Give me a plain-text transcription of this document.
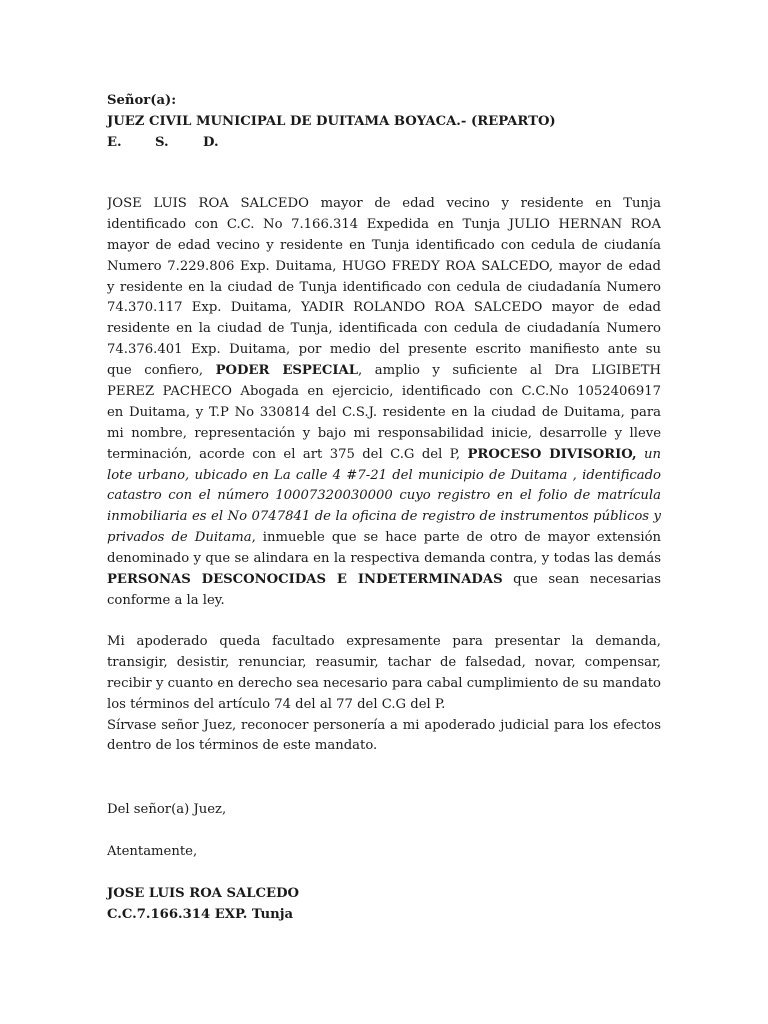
Señor(a):
JUEZ CIVIL MUNICIPAL DE DUITAMA BOYACA.- (REPARTO)
E.	S.	D.
JOSE LUIS ROA SALCEDO mayor de edad vecino y residente en Tunja
identificado con C.C. No 7.166.314 Expedida en Tunja JULIO HERNAN ROA
mayor de edad vecino y residente en Tunja identificado con cedula de ciudanía
Numero 7.229.806 Exp. Duitama, HUGO FREDY ROA SALCEDO, mayor de edad
y residente en la ciudad de Tunja identificado con cedula de ciudadanía Numero
74.370.117 Exp. Duitama, YADIR ROLANDO ROA SALCEDO mayor de edad
residente en la ciudad de Tunja, identificada con cedula de ciudadanía Numero
74.376.401 Exp. Duitama, por medio del presente escrito manifiesto ante su
que confiero, PODER ESPECIAL, amplio y suficiente al Dra LIGIBETH
PEREZ PACHECO Abogada en ejercicio, identificado con C.C.No 1052406917
en Duitama, y T.P No 330814 del C.S.J. residente en la ciudad de Duitama, para
mi nombre, representación y bajo mi responsabilidad inicie, desarrolle y lleve
terminación, acorde con el art 375 del C.G del P, PROCESO DIVISORIO, un
lote urbano, ubicado en La calle 4 #7-21 del municipio de Duitama , identificado
catastro con el número 10007320030000 cuyo registro en el folio de matrícula
inmobiliaria es el No 0747841 de la oficina de registro de instrumentos públicos y
privados de Duitama, inmueble que se hace parte de otro de mayor extensión
denominado y que se alindara en la respectiva demanda contra, y todas las demás
PERSONAS DESCONOCIDAS E INDETERMINADAS que sean necesarias
conforme a la ley.
Mi apoderado queda facultado expresamente para presentar la demanda,
transigir, desistir, renunciar, reasumir, tachar de falsedad, novar, compensar,
recibir y cuanto en derecho sea necesario para cabal cumplimiento de su mandato
los términos del artículo 74 del al 77 del C.G del P.
Sírvase señor Juez, reconocer personería a mi apoderado judicial para los efectos
dentro de los términos de este mandato.
Del señor(a) Juez,
Atentamente,
JOSE LUIS ROA SALCEDO
C.C.7.166.314 EXP. Tunja
